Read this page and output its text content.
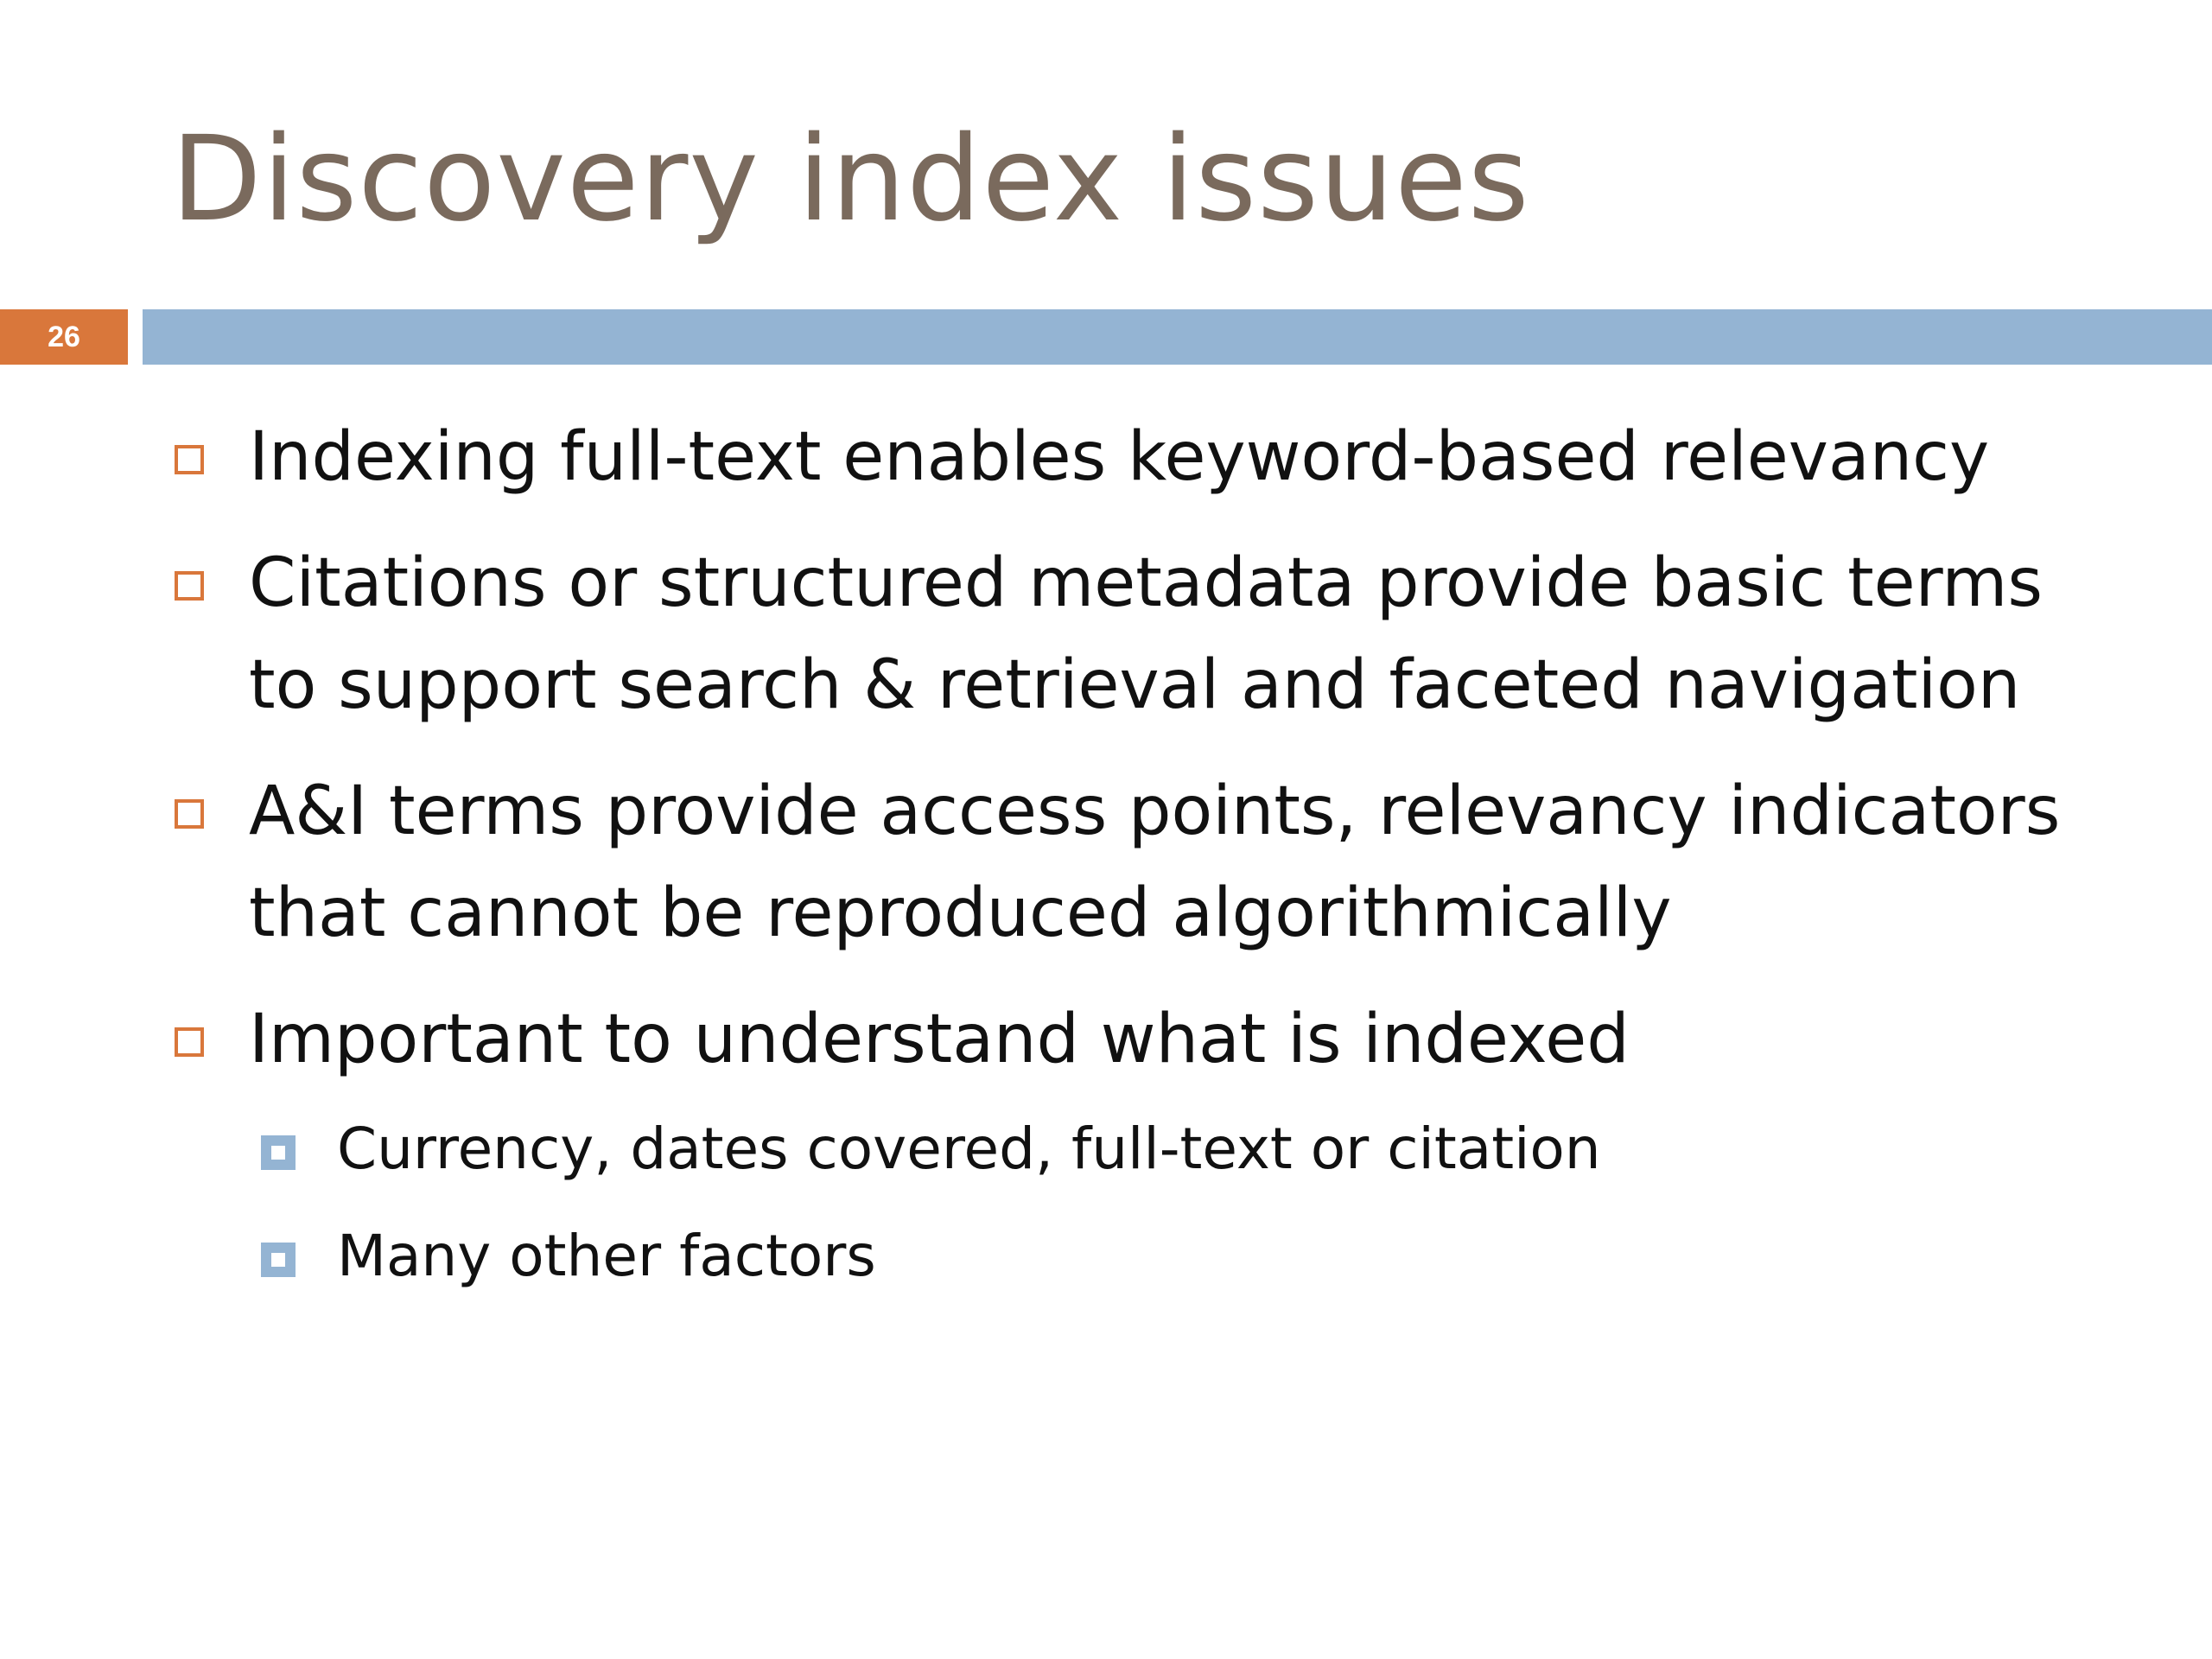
Discovery index issues
26
Indexing full-text enables keyword-based relevancy
Citations or structured metadata provide basic terms
to support search & retrieval and faceted navigation
A&I terms provide access points, relevancy indicators
that cannot be reproduced algorithmically
Important to understand what is indexed
Currency, dates covered, full-text or citation
Many other factors
